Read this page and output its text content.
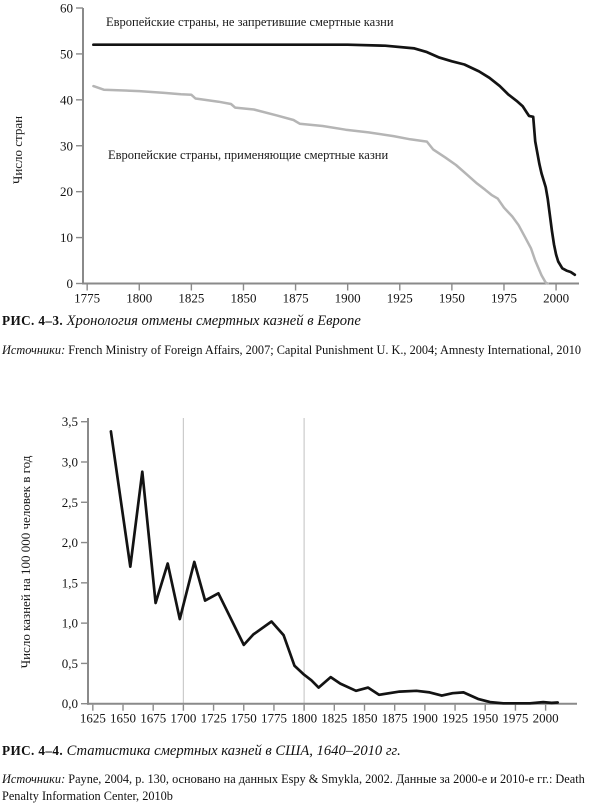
0
10
20
30
40
50
60
1775 1800 1825 1850 1875 1900 1925 1950 1975 2000
Число стран
Европейские страны, не запретившие смертные казни
Европейские страны, применяющие смертные казни
РИС. 4–3. Хронология отмены смертных казней в Европе
Источники: French Ministry of Foreign Affairs, 2007; Capital Punishment U. K., 2004; Amnesty International, 2010
0,0
0,5
1,0
1,5
2,0
2,5
3,0
3,5
1625 1650 1675 1700 1725 1750 1775 1800 1825 1850 1875 1900 1925 1950 1975 2000
Число казней на 100 000 человек в год
РИС. 4–4. Статистика смертных казней в США, 1640–2010 гг.
Источники: Payne, 2004, p. 130, основано на данных Espy & Smykla, 2002. Данные за 2000-е и 2010-е гг.: Death Penalty Information Center, 2010b
